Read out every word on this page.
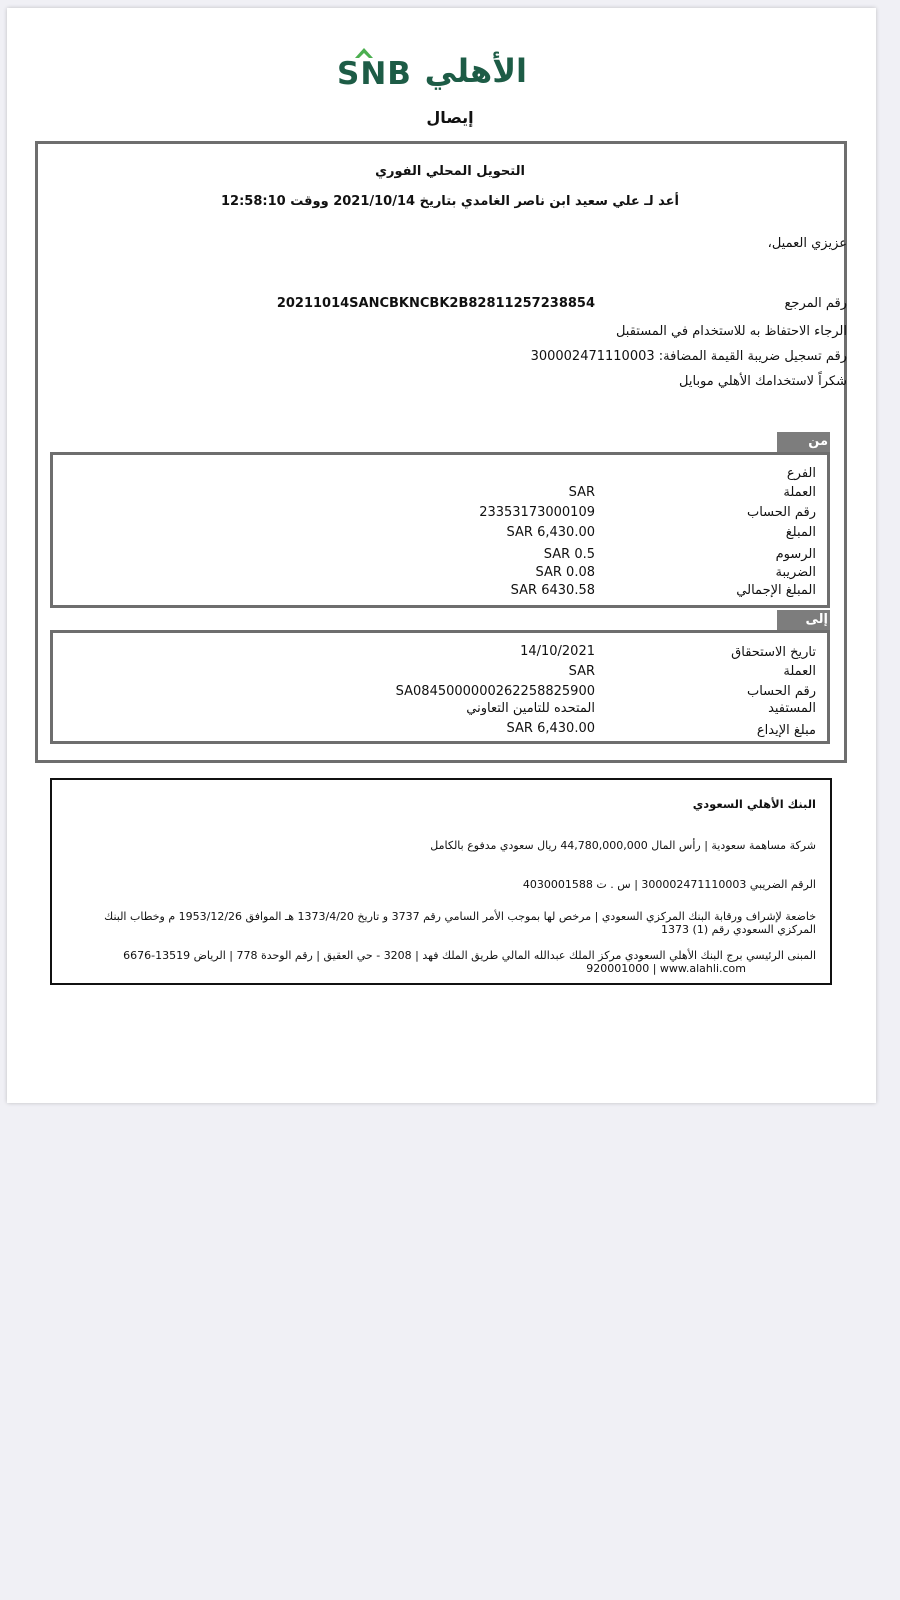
SNB الأهلي
إيصال
التحويل المحلي الفوري
أعد لـ علي سعيد ابن ناصر الغامدي بتاريخ 2021/10/14 ووقت 12:58:10
عزيزي العميل،
رقم المرجع
20211014SANCBKNCBK2B82811257238854
الرجاء الاحتفاظ به للاستخدام في المستقبل
رقم تسجيل ضريبة القيمة المضافة: 300002471110003
شكراً لاستخدامك الأهلي موبايل
من
الفرع
العملة
SAR
رقم الحساب
23353173000109
المبلغ
6,430.00 SAR
الرسوم
0.5 SAR
الضريبة
0.08 SAR
المبلغ الإجمالي
6430.58 SAR
إلى
تاريخ الاستحقاق
14/10/2021
العملة
SAR
رقم الحساب
SA0845000000262258825900
المستفيد
المتحده للتامين التعاوني
مبلغ الإيداع
6,430.00 SAR
البنك الأهلي السعودي
شركة مساهمة سعودية | رأس المال 44,780,000,000 ريال سعودي مدفوع بالكامل
الرقم الضريبي 300002471110003 | س . ت 4030001588
خاضعة لإشراف ورقابة البنك المركزي السعودي | مرخص لها بموجب الأمر السامي رقم 3737 و تاريخ 1373/4/20 هـ الموافق 1953/12/26 م وخطاب البنك المركزي السعودي رقم (1) 1373
المبنى الرئيسي برج البنك الأهلي السعودي مركز الملك عبدالله المالي طريق الملك فهد | 3208 - حي العقيق | رقم الوحدة 778 | الرياض 13519-6676
920001000 | www.alahli.com
